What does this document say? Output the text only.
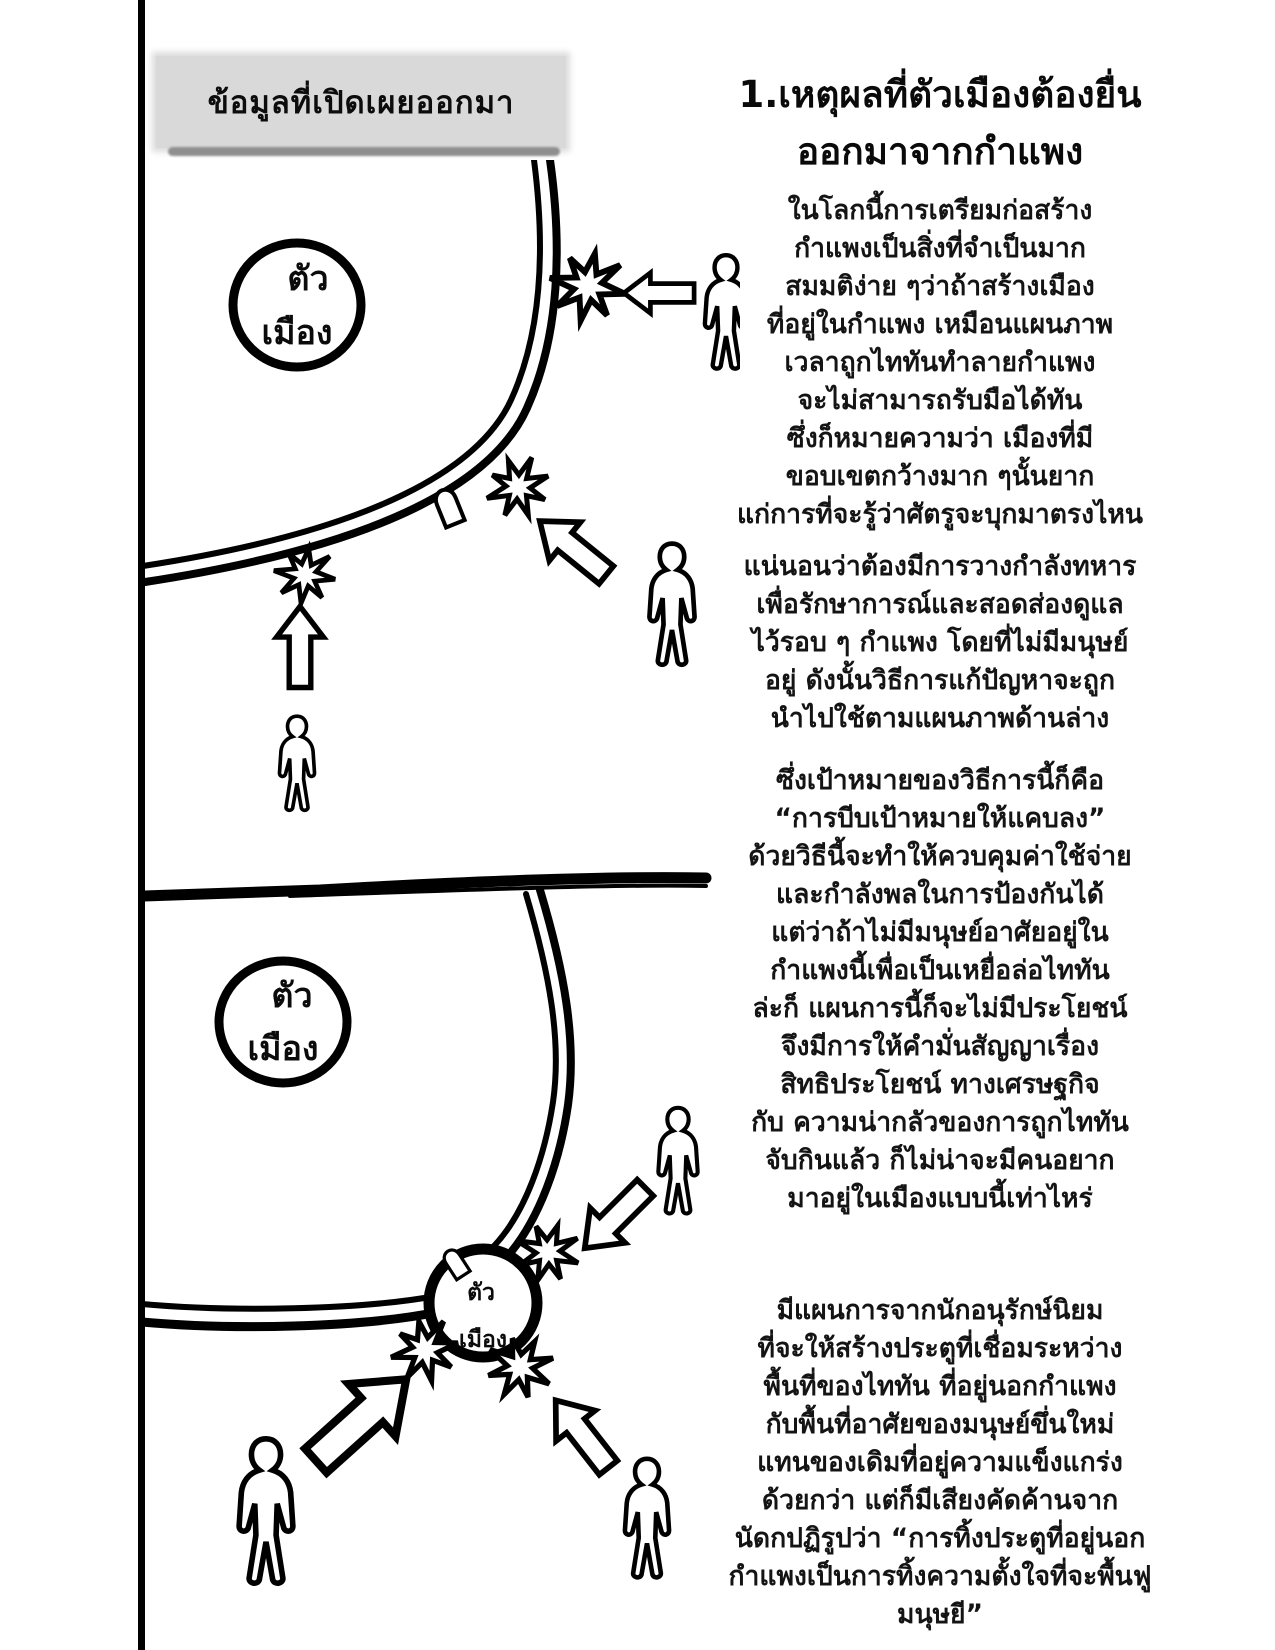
ข้อมูลที่เปิดเผยออกมา
ตัว
เมือง
ตัว
เมือง
ตัว
เมือง
1.เหตุผลที่ตัวเมืองต้องยื่น
ออกมาจากกำแพง
ในโลกนี้การเตรียมก่อสร้าง
กำแพงเป็นสิ่งที่จำเป็นมาก
สมมติง่าย ๆว่าถ้าสร้างเมือง
ที่อยู่ในกำแพง เหมือนแผนภาพ
เวลาถูกไททันทำลายกำแพง
จะไม่สามารถรับมือได้ทัน
ซึ่งก็หมายความว่า เมืองที่มี
ขอบเขตกว้างมาก ๆนั้นยาก
แก่การที่จะรู้ว่าศัตรูจะบุกมาตรงไหน
แน่นอนว่าต้องมีการวางกำลังทหาร
เพื่อรักษาการณ์และสอดส่องดูแล
ไว้รอบ ๆ กำแพง โดยที่ไม่มีมนุษย์
อยู่ ดังนั้นวิธีการแก้ปัญหาจะถูก
นำไปใช้ตามแผนภาพด้านล่าง
ซึ่งเป้าหมายของวิธีการนี้ก็คือ
“การบีบเป้าหมายให้แคบลง”
ด้วยวิธีนี้จะทำให้ควบคุมค่าใช้จ่าย
และกำลังพลในการป้องกันได้
แต่ว่าถ้าไม่มีมนุษย์อาศัยอยู่ใน
กำแพงนี้เพื่อเป็นเหยื่อล่อไททัน
ล่ะก็ แผนการนี้ก็จะไม่มีประโยชน์
จึงมีการให้คำมั่นสัญญาเรื่อง
สิทธิประโยชน์ ทางเศรษฐกิจ
กับ ความน่ากลัวของการถูกไททัน
จับกินแล้ว ก็ไม่น่าจะมีคนอยาก
มาอยู่ในเมืองแบบนี้เท่าไหร่
มีแผนการจากนักอนุรักษ์นิยม
ที่จะให้สร้างประตูที่เชื่อมระหว่าง
พื้นที่ของไททัน ที่อยู่นอกกำแพง
กับพื้นที่อาศัยของมนุษย์ขึ่นใหม่
แทนของเดิมที่อยู่ความแข็งแกร่ง
ด้วยกว่า แต่ก็มีเสียงคัดค้านจาก
นัดกปฏิรูปว่า “การทิ้งประตูที่อยู่นอก
กำแพงเป็นการทิ้งความตั้งใจที่จะพื้นฟู
มนุษยี”
